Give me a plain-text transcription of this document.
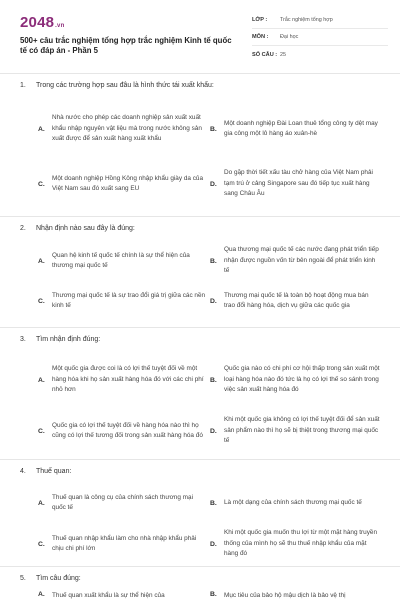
2048.vn
500+ câu trắc nghiệm tổng hợp trắc nghiệm Kinh tế quốc tế có đáp án - Phần 5
LỚP :	Trắc nghiệm tổng hợp
MÔN :	Đại học
SỐ CÂU : 25
1.	Trong các trường hợp sau đâu là hình thức tái xuất khẩu:
A.
Nhà nước cho phép các doanh nghiệp sản xuất xuất khẩu nhập nguyên vật liệu mà trong nước không sản xuất được để sản xuất hàng xuất khẩu
B.
Một doanh nghiệp Đài Loan thuê tổng công ty dệt may gia công một lô hàng áo xuân-hè
C.
Một doanh nghiệp Hồng Kông nhập khẩu giày da của Việt Nam sau đó xuất sang EU
D.
Do gặp thời tiết xấu tàu chở hàng của Việt Nam phải tạm trú ở cảng Singapore sau đó tiếp tục xuất hàng sang Châu Âu
2.	Nhận định nào sau đây là đúng:
A.
Quan hệ kinh tế quốc tế chính là sự thể hiện của thương mại quốc tế
B.
Qua thương mại quốc tế các nước đang phát triển tiếp nhận được nguồn vốn từ bên ngoài để phát triển kinh tế
C.
Thương mại quốc tế là sự trao đổi giá trị giữa các nền kinh tế
D.
Thương mại quốc tế là toàn bộ hoạt động mua bán trao đổi hàng hóa, dịch vụ giữa các quốc gia
3.	Tìm nhận định đúng:
A.
Một quốc gia được coi là có lợi thế tuyệt đối về một hàng hóa khi họ sản xuất hàng hóa đó với các chi phí nhỏ hơn
B.
Quốc gia nào có chi phí cơ hội thấp trong sản xuất một loại hàng hóa nào đó tức là họ có lợi thế so sánh trong việc sản xuất hàng hóa đó
C.
Quốc gia có lợi thế tuyệt đối về hàng hóa nào thì họ cũng có lợi thế tương đối trong sản xuất hàng hóa đó
D.
Khi một quốc gia không có lợi thế tuyệt đối để sản xuất sản phẩm nào thì họ sẽ bị thiệt trong thương mại quốc tế
4.	Thuế quan:
A.
Thuế quan là công cụ của chính sách thương mại quốc tế
B. Là một dạng của chính sách thương mại quốc tế
C.
Thuế quan nhập khẩu làm cho nhà nhập khẩu phải chịu chi phí lớn
D.
Khi một quốc gia muốn thu lợi từ một mặt hàng truyền thống của mình họ sẽ thu thuế nhập khẩu của mặt hàng đó
5.	Tìm câu đúng:
A. Thuế quan xuất khẩu là sự thể hiện của	B. Mục tiêu của bảo hộ mậu dịch là bảo vệ thị
